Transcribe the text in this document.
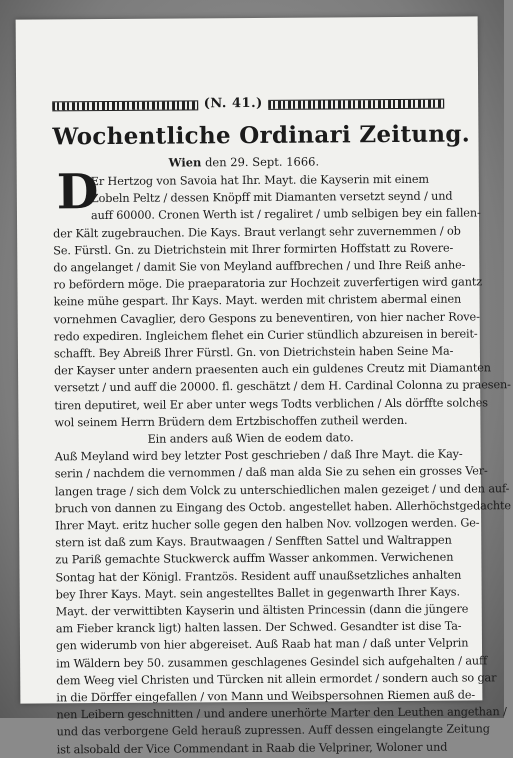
(N. 41.)
Wochentliche Ordinari Zeitung.
Wien den 29. Sept. 1666.
D
Er Hertzog von Savoia hat Ihr. Mayt. die Kayserin mit einem
Zobeln Peltz / dessen Knöpff mit Diamanten versetzt seynd / und
auff 60000. Cronen Werth ist / regaliret / umb selbigen bey ein fallen-
der Kält zugebrauchen. Die Kays. Braut verlangt sehr zuvernemmen / ob
Se. Fürstl. Gn. zu Dietrichstein mit Ihrer formirten Hoffstatt zu Rovere-
do angelanget / damit Sie von Meyland auffbrechen / und Ihre Reiß anhe-
ro befördern möge. Die praeparatoria zur Hochzeit zuverfertigen wird gantz
keine mühe gespart. Ihr Kays. Mayt. werden mit christem abermal einen
vornehmen Cavaglier, dero Gespons zu beneventiren, von hier nacher Rove-
redo expediren. Ingleichem flehet ein Curier stündlich abzureisen in bereit-
schafft. Bey Abreiß Ihrer Fürstl. Gn. von Dietrichstein haben Seine Ma-
der Kayser unter andern praesenten auch ein guldenes Creutz mit Diamanten
versetzt / und auff die 20000. fl. geschätzt / dem H. Cardinal Colonna zu praesen-
tiren deputiret, weil Er aber unter wegs Todts verblichen / Als dörffte solches
wol seinem Herrn Brüdern dem Ertzbischoffen zutheil werden.
Ein anders auß Wien de eodem dato.
Auß Meyland wird bey letzter Post geschrieben / daß Ihre Mayt. die Kay-
serin / nachdem die vernommen / daß man alda Sie zu sehen ein grosses Ver-
langen trage / sich dem Volck zu unterschiedlichen malen gezeiget / und den auf-
bruch von dannen zu Eingang des Octob. angestellet haben. Allerhöchstgedachte
Ihrer Mayt. eritz hucher solle gegen den halben Nov. vollzogen werden. Ge-
stern ist daß zum Kays. Brautwaagen / Senfften Sattel und Waltrappen
zu Pariß gemachte Stuckwerck auffm Wasser ankommen. Verwichenen
Sontag hat der Königl. Frantzös. Resident auff unaußsetzliches anhalten
bey Ihrer Kays. Mayt. sein angestelltes Ballet in gegenwarth Ihrer Kays.
Mayt. der verwittibten Kayserin und ältisten Princessin (dann die jüngere
am Fieber kranck ligt) halten lassen. Der Schwed. Gesandter ist dise Ta-
gen widerumb von hier abgereiset. Auß Raab hat man / daß unter Velprin
im Wäldern bey 50. zusammen geschlagenes Gesindel sich aufgehalten / auff
dem Weeg viel Christen und Türcken nit allein ermordet / sondern auch so gar
in die Dörffer eingefallen / von Mann und Weibspersohnen Riemen auß de-
nen Leibern geschnitten / und andere unerhörte Marter den Leuthen angethan /
und das verborgene Geld herauß zupressen. Auff dessen eingelangte Zeitung
ist alsobald der Vice Commendant in Raab die Velpriner, Woloner und
